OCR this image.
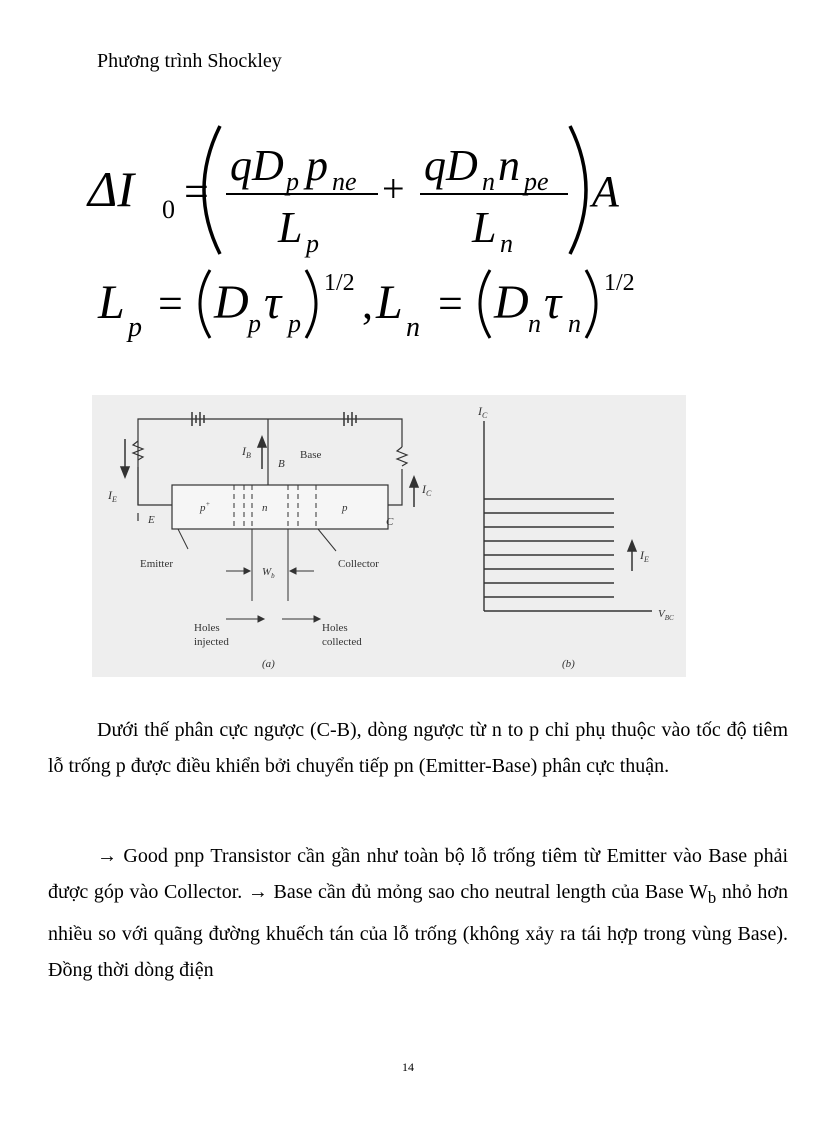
Phương trình Shockley
ΔI 0 =
qD p p ne
L p
+ qD n n pe
L n
A
L p = D p τ p
1/2 , L n = D n τ n
1/2
$I_B$
B
Base
$I_E$
E
$I_C$
C
p+	n	p
Emitter	Collector
$W_b$
Holes
injected
Holes
collected
(a)
$I_C$
$I_E$
$V_{BC}$
(b)
Dưới thế phân cực ngược (C-B), dòng ngược từ n to p chỉ phụ thuộc vào tốc độ tiêm lỗ trống p được điều khiển bởi chuyển tiếp pn (Emitter-Base) phân cực thuận.
→ Good pnp Transistor cần gần như toàn bộ lỗ trống tiêm từ Emitter vào Base phải được góp vào Collector. → Base cần đủ mỏng sao cho neutral length của Base $W_b$ nhỏ hơn nhiều so với quãng đường khuếch tán của lỗ trống (không xảy ra tái hợp trong vùng Base). Đồng thời dòng điện
14
